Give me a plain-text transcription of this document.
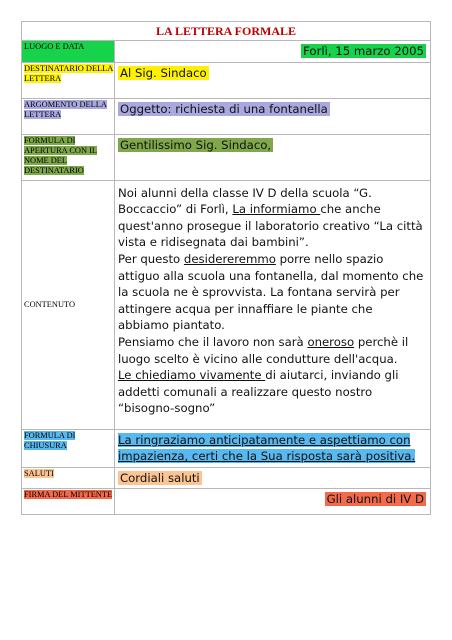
LA LETTERA FORMALE	
LUOGO E DATA	Forlì, 15 marzo 2005
DESTINATARIO DELLA LETTERA	Al Sig. Sindaco
ARGOMENTO DELLA LETTERA	Oggetto: richiesta di una fontanella
FORMULA DI APERTURA CON IL NOME DEL DESTINATARIO	Gentilissimo Sig. Sindaco,
CONTENUTO	Noi alunni della classe IV D della scuola “G. Boccaccio” di Forlì, La informiamo che anche quest'anno prosegue il laboratorio creativo “La città vista e ridisegnata dai bambini”.
Per questo desidereremmo porre nello spazio attiguo alla scuola una fontanella, dal momento che la scuola ne è sprovvista. La fontana servirà per attingere acqua per innaffiare le piante che abbiamo piantato.
Pensiamo che il lavoro non sarà oneroso perchè il luogo scelto è vicino alle condutture dell'acqua.
Le chiediamo vivamente di aiutarci, inviando gli addetti comunali a realizzare questo nostro “bisogno-sogno”

FORMULA DI CHIUSURA	La ringraziamo anticipatamente e aspettiamo con impazienza, certi che la Sua risposta sarà positiva.
SALUTI	Cordiali saluti
FIRMA DEL MITTENTE	Gli alunni di IV D
